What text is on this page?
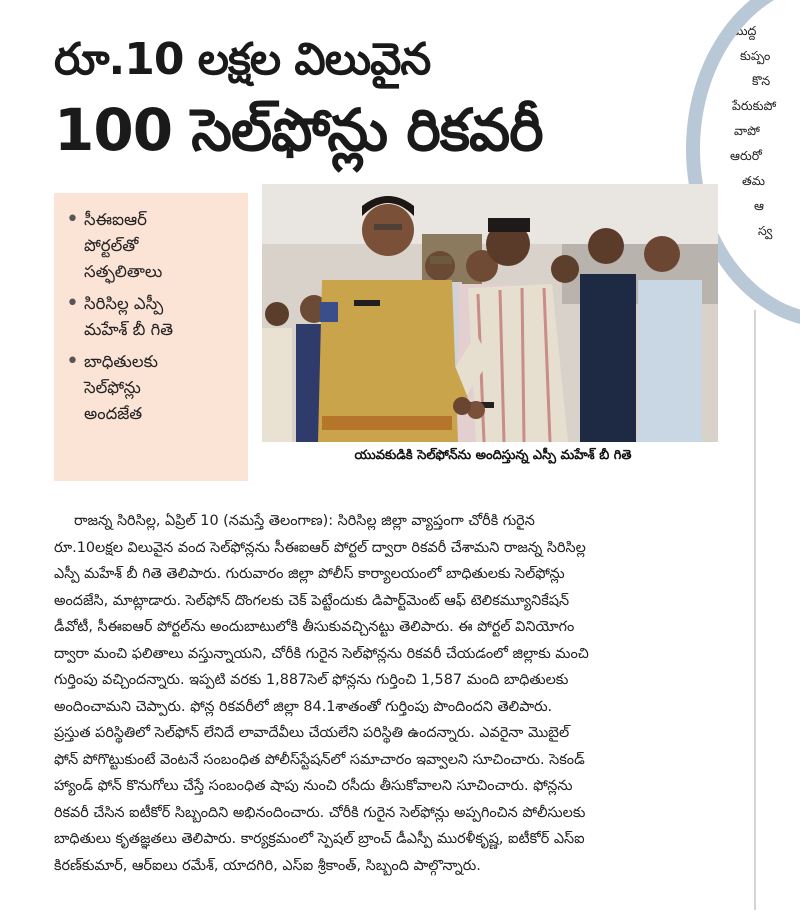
ముద్ద
కుప్పం
కొన
పేరుకుపో
వాపో
ఆరురో
తమ
ఆ
స్వ
రూ.10 లక్షల విలువైన
100 సెల్‌ఫోన్లు రికవరీ
• సీఈఐఆర్
పోర్టల్‌తో
సత్ఫలితాలు
• సిరిసిల్ల ఎస్పీ
మహేశ్ బీ గితె
• బాధితులకు
సెల్‌ఫోన్లు
అందజేత
యువకుడికి సెల్‌ఫోన్‌ను అందిస్తున్న ఎస్పీ మహేశ్ బీ గితె
రాజన్న సిరిసిల్ల, ఏప్రిల్ 10 (నమస్తే తెలంగాణ): సిరిసిల్ల జిల్లా వ్యాప్తంగా చోరీకి గురైన
రూ.10లక్షల విలువైన వంద సెల్‌ఫోన్లను సీఈఐఆర్ పోర్టల్ ద్వారా రికవరీ చేశామని రాజన్న సిరిసిల్ల
ఎస్పీ మహేశ్ బీ గితె తెలిపారు. గురువారం జిల్లా పోలీస్ కార్యాలయంలో బాధితులకు సెల్‌ఫోన్లు
అందజేసి, మాట్లాడారు. సెల్‌ఫోన్ దొంగలకు చెక్ పెట్టేందుకు డిపార్ట్‌మెంట్ ఆఫ్ టెలికమ్యూనికేషన్
డీవోటీ, సీఈఐఆర్ పోర్టల్‌ను అందుబాటులోకి తీసుకువచ్చినట్టు తెలిపారు. ఈ పోర్టల్ వినియోగం
ద్వారా మంచి ఫలితాలు వస్తున్నాయని, చోరీకి గురైన సెల్‌ఫోన్లను రికవరీ చేయడంలో జిల్లాకు మంచి
గుర్తింపు వచ్చిందన్నారు. ఇప్పటి వరకు 1,887సెల్ ఫోన్లను గుర్తించి 1,587 మంది బాధితులకు
అందించామని చెప్పారు. ఫోన్ల రికవరీలో జిల్లా 84.1శాతంతో గుర్తింపు పొందిందని తెలిపారు.
ప్రస్తుత పరిస్థితిలో సెల్‌ఫోన్ లేనిదే లావాదేవీలు చేయలేని పరిస్థితి ఉందన్నారు. ఎవరైనా మొబైల్
ఫోన్ పోగొట్టుకుంటే వెంటనే సంబంధిత పోలీస్‌స్టేషన్‌లో సమాచారం ఇవ్వాలని సూచించారు. సెకండ్
హ్యాండ్ ఫోన్ కొనుగోలు చేస్తే సంబంధిత షాపు నుంచి రసీదు తీసుకోవాలని సూచించారు. ఫోన్లను
రికవరీ చేసిన ఐటీకోర్ సిబ్బందిని అభినందించారు. చోరీకి గురైన సెల్‌ఫోన్లు అప్పగించిన పోలీసులకు
బాధితులు కృతజ్ఞతలు తెలిపారు. కార్యక్రమంలో స్పెషల్ బ్రాంచ్ డీఎస్పీ మురళీకృష్ణ, ఐటీకోర్ ఎస్ఐ
కిరణ్‌కుమార్, ఆర్ఐలు రమేశ్, యాదగిరి, ఎస్ఐ శ్రీకాంత్, సిబ్బంది పాల్గొన్నారు.
